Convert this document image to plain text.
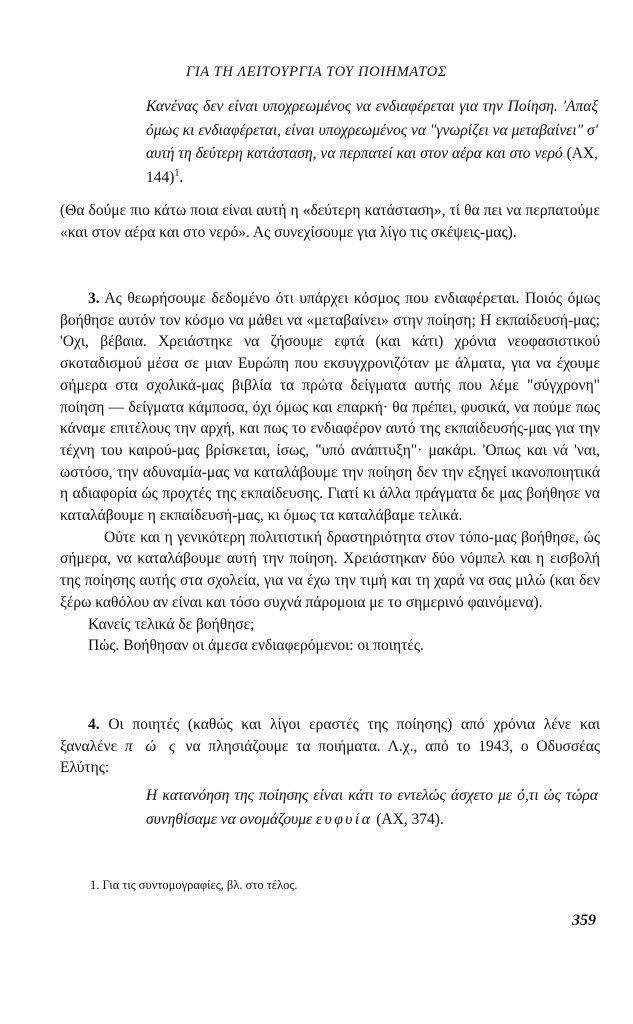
ΓΙΑ ΤΗ ΛΕΙΤΟΥΡΓΙΑ ΤΟΥ ΠΟΙΗΜΑΤΟΣ
Κανένας δεν είναι υποχρεωμένος να ενδιαφέρεται για την Ποίηση. 'Απαξ όμως κι ενδιαφέρεται, είναι υποχρεωμένος να "γνωρίζει να μεταβαίνει" σ' αυτή τη δεύτερη κατάσταση, να περπατεί και στον αέρα και στο νερό (ΑΧ, 144)$^1$.

(Θα δούμε πιο κάτω ποια είναι αυτή η «δεύτερη κατάσταση», τί θα πει να περπατούμε «και στον αέρα και στο νερό». Ας συνεχίσουμε για λίγο τις σκέψεις-μας).

3. Ας θεωρήσουμε δεδομένο ότι υπάρχει κόσμος που ενδιαφέρεται. Ποιός όμως βοήθησε αυτόν τον κόσμο να μάθει να «μεταβαίνει» στην ποίηση; Η εκπαίδευσή-μας; 'Οχι, βέβαια. Χρειάστηκε να ζήσουμε εφτά (και κάτι) χρόνια νεοφασιστικού σκοταδισμού μέσα σε μιαν Ευρώπη που εκσυγχρονιζόταν με άλματα, για να έχουμε σήμερα στα σχολικά-μας βιβλία τα πρώτα δείγματα αυτής που λέμε "σύγχρονη" ποίηση — δείγματα κάμποσα, όχι όμως και επαρκή· θα πρέπει, φυσικά, να πούμε πως κάναμε επιτέλους την αρχή, και πως το ενδιαφέρον αυτό της εκπαίδευσής-μας για την τέχνη του καιρού-μας βρίσκεται, ίσως, "υπό ανάπτυξη"· μακάρι. 'Οπως και νά 'ναι, ωστόσο, την αδυναμία-μας να καταλάβουμε την ποίηση δεν την εξηγεί ικανοποιητικά η αδιαφορία ώς προχτές της εκπαίδευσης. Γιατί κι άλλα πράγματα δε μας βοήθησε να καταλάβουμε η εκπαίδευσή-μας, κι όμως τα καταλάβαμε τελικά.

Ούτε και η γενικότερη πολιτιστική δραστηριότητα στον τόπο-μας βοήθησε, ώς σήμερα, να καταλάβουμε αυτή την ποίηση. Χρειάστηκαν δύο νόμπελ και η εισβολή της ποίησης αυτής στα σχολεία, για να έχω την τιμή και τη χαρά να σας μιλώ (και δεν ξέρω καθόλου αν είναι και τόσο συχνά πάρομοια με το σημερινό φαινόμενα).

Κανείς τελικά δε βοήθησε;

Πώς. Βοήθησαν οι άμεσα ενδιαφερόμενοι: οι ποιητές.

4. Οι ποιητές (καθώς και λίγοι εραστές της ποίησης) από χρόνια λένε και ξαναλένε π ώ ς να πλησιάζουμε τα ποιήματα. Λ.χ., από το 1943, ο Οδυσσέας Ελύτης:

Η κατανόηση της ποίησης είναι κάτι το εντελώς άσχετο με ό,τι ώς τώρα συνηθίσαμε να ονομάζουμε ευφυία (ΑΧ, 374).
1. Για τις συντομογραφίες, βλ. στο τέλος.
359
